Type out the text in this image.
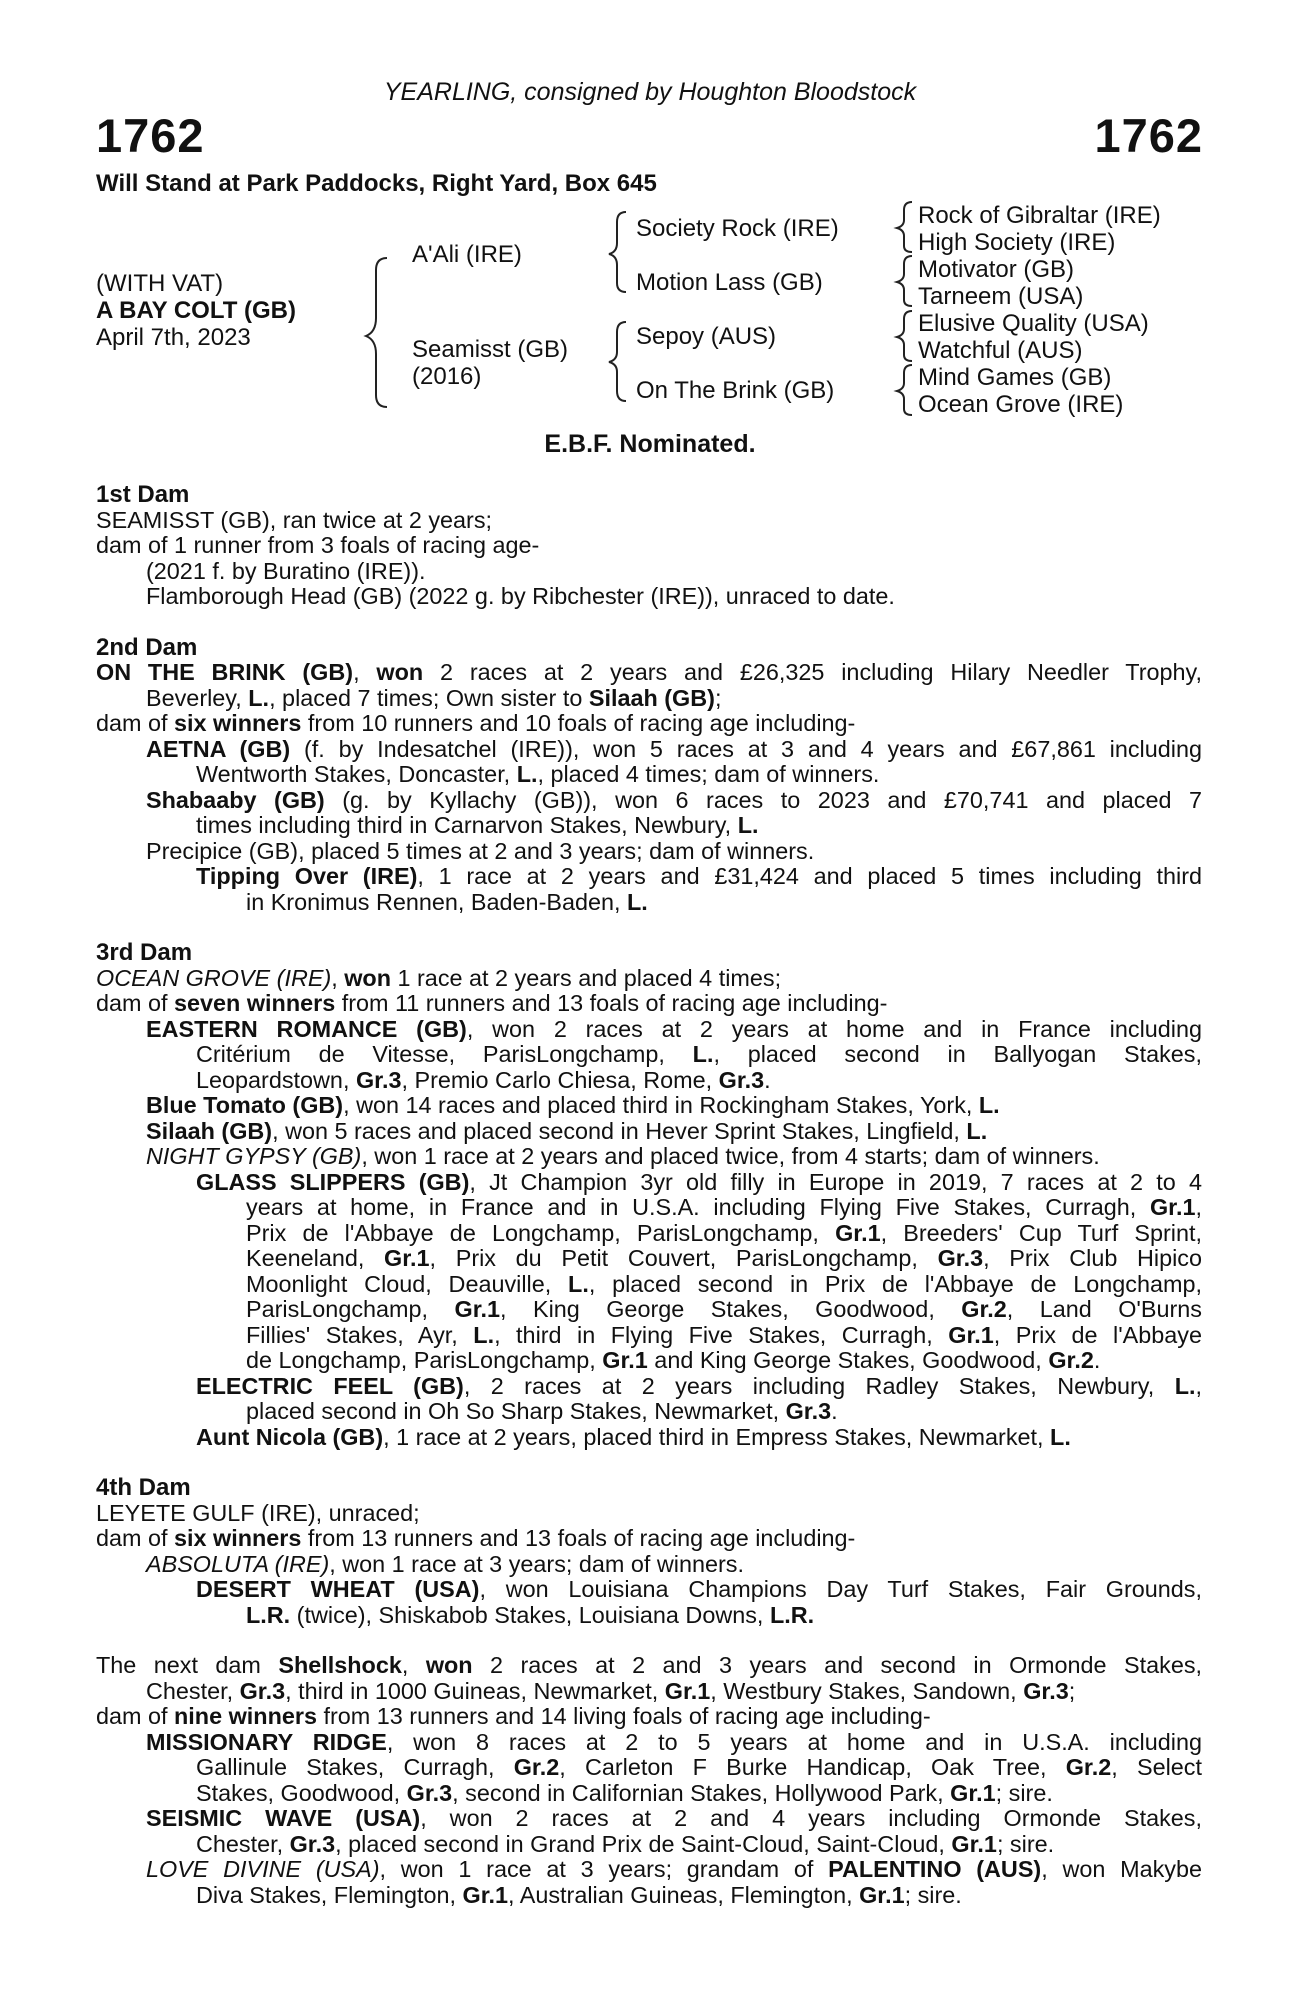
YEARLING, consigned by Houghton Bloodstock
1762	1762
Will Stand at Park Paddocks, Right Yard, Box 645
(WITH VAT)
A BAY COLT (GB)
April 7th, 2023
A'Ali (IRE)
Seamisst (GB)
(2016)
Society Rock (IRE)
Motion Lass (GB)
Sepoy (AUS)
On The Brink (GB)
Rock of Gibraltar (IRE)
High Society (IRE)
Motivator (GB)
Tarneem (USA)
Elusive Quality (USA)
Watchful (AUS)
Mind Games (GB)
Ocean Grove (IRE)
E.B.F. Nominated.
1st Dam
SEAMISST (GB), ran twice at 2 years;
dam of 1 runner from 3 foals of racing age-
(2021 f. by Buratino (IRE)).
Flamborough Head (GB) (2022 g. by Ribchester (IRE)), unraced to date.
2nd Dam
ON THE BRINK (GB), won 2 races at 2 years and £26,325 including Hilary Needler Trophy,
Beverley, L., placed 7 times; Own sister to Silaah (GB);
dam of six winners from 10 runners and 10 foals of racing age including-
AETNA (GB) (f. by Indesatchel (IRE)), won 5 races at 3 and 4 years and £67,861 including
Wentworth Stakes, Doncaster, L., placed 4 times; dam of winners.
Shabaaby (GB) (g. by Kyllachy (GB)), won 6 races to 2023 and £70,741 and placed 7
times including third in Carnarvon Stakes, Newbury, L.
Precipice (GB), placed 5 times at 2 and 3 years; dam of winners.
Tipping Over (IRE), 1 race at 2 years and £31,424 and placed 5 times including third
in Kronimus Rennen, Baden-Baden, L.
3rd Dam
OCEAN GROVE (IRE), won 1 race at 2 years and placed 4 times;
dam of seven winners from 11 runners and 13 foals of racing age including-
EASTERN ROMANCE (GB), won 2 races at 2 years at home and in France including
Critérium de Vitesse, ParisLongchamp, L., placed second in Ballyogan Stakes,
Leopardstown, Gr.3, Premio Carlo Chiesa, Rome, Gr.3.
Blue Tomato (GB), won 14 races and placed third in Rockingham Stakes, York, L.
Silaah (GB), won 5 races and placed second in Hever Sprint Stakes, Lingfield, L.
NIGHT GYPSY (GB), won 1 race at 2 years and placed twice, from 4 starts; dam of winners.
GLASS SLIPPERS (GB), Jt Champion 3yr old filly in Europe in 2019, 7 races at 2 to 4
years at home, in France and in U.S.A. including Flying Five Stakes, Curragh, Gr.1,
Prix de l'Abbaye de Longchamp, ParisLongchamp, Gr.1, Breeders' Cup Turf Sprint,
Keeneland, Gr.1, Prix du Petit Couvert, ParisLongchamp, Gr.3, Prix Club Hipico
Moonlight Cloud, Deauville, L., placed second in Prix de l'Abbaye de Longchamp,
ParisLongchamp, Gr.1, King George Stakes, Goodwood, Gr.2, Land O'Burns
Fillies' Stakes, Ayr, L., third in Flying Five Stakes, Curragh, Gr.1, Prix de l'Abbaye
de Longchamp, ParisLongchamp, Gr.1 and King George Stakes, Goodwood, Gr.2.
ELECTRIC FEEL (GB), 2 races at 2 years including Radley Stakes, Newbury, L.,
placed second in Oh So Sharp Stakes, Newmarket, Gr.3.
Aunt Nicola (GB), 1 race at 2 years, placed third in Empress Stakes, Newmarket, L.
4th Dam
LEYETE GULF (IRE), unraced;
dam of six winners from 13 runners and 13 foals of racing age including-
ABSOLUTA (IRE), won 1 race at 3 years; dam of winners.
DESERT WHEAT (USA), won Louisiana Champions Day Turf Stakes, Fair Grounds,
L.R. (twice), Shiskabob Stakes, Louisiana Downs, L.R.
The next dam Shellshock, won 2 races at 2 and 3 years and second in Ormonde Stakes,
Chester, Gr.3, third in 1000 Guineas, Newmarket, Gr.1, Westbury Stakes, Sandown, Gr.3;
dam of nine winners from 13 runners and 14 living foals of racing age including-
MISSIONARY RIDGE, won 8 races at 2 to 5 years at home and in U.S.A. including
Gallinule Stakes, Curragh, Gr.2, Carleton F Burke Handicap, Oak Tree, Gr.2, Select
Stakes, Goodwood, Gr.3, second in Californian Stakes, Hollywood Park, Gr.1; sire.
SEISMIC WAVE (USA), won 2 races at 2 and 4 years including Ormonde Stakes,
Chester, Gr.3, placed second in Grand Prix de Saint-Cloud, Saint-Cloud, Gr.1; sire.
LOVE DIVINE (USA), won 1 race at 3 years; grandam of PALENTINO (AUS), won Makybe
Diva Stakes, Flemington, Gr.1, Australian Guineas, Flemington, Gr.1; sire.
